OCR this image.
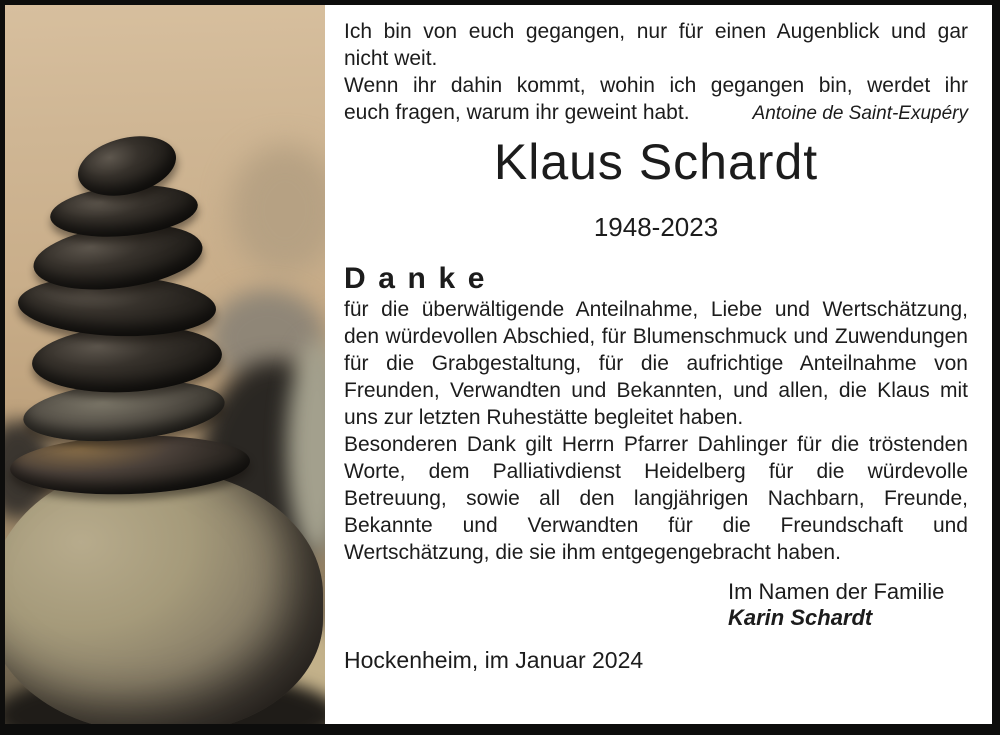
Ich bin von euch gegangen, nur für einen Augenblick und gar
nicht weit.
Wenn ihr dahin kommt, wohin ich gegangen bin, werdet ihr
euch fragen, warum ihr geweint habt.	Antoine de Saint-Exupéry
Klaus Schardt
1948-2023
Danke

für die überwältigende Anteilnahme, Liebe und Wertschätzung, den würdevollen Abschied, für Blumenschmuck und Zuwendungen für die Grabgestaltung, für die aufrichtige Anteilnahme von Freunden, Verwandten und Bekannten, und allen, die Klaus mit uns zur letzten Ruhestätte begleitet haben.

Besonderen Dank gilt Herrn Pfarrer Dahlinger für die tröstenden Worte, dem Palliativdienst Heidelberg für die würdevolle Betreuung, sowie all den langjährigen Nachbarn, Freunde, Bekannte und Verwandten für die Freundschaft und Wertschätzung, die sie ihm entgegengebracht haben.

Im Namen der Familie
Karin Schardt
Hockenheim, im Januar 2024
